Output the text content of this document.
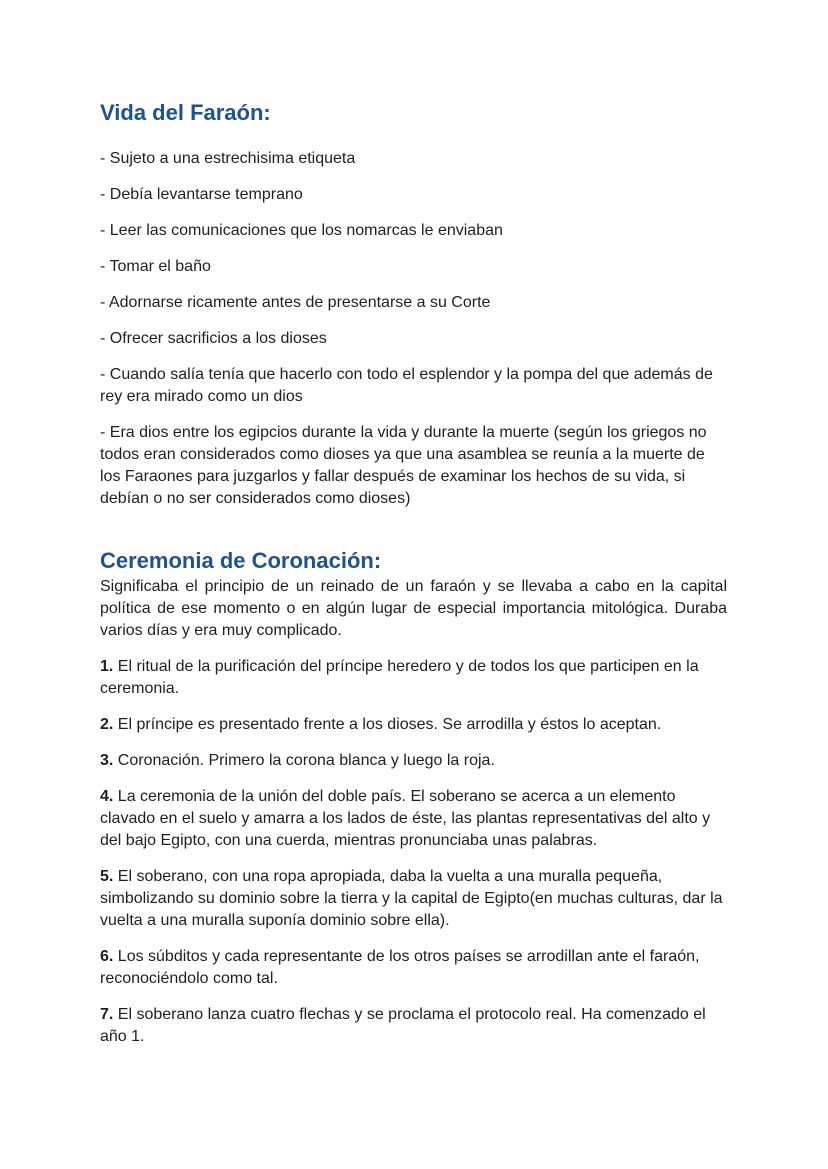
Vida del Faraón:

- Sujeto a una estrechisima etiqueta

- Debía levantarse temprano

- Leer las comunicaciones que los nomarcas le enviaban

- Tomar el baño

- Adornarse ricamente antes de presentarse a su Corte

- Ofrecer sacrificios a los dioses

- Cuando salía tenía que hacerlo con todo el esplendor y la pompa del que además de rey era mirado como un dios

- Era dios entre los egipcios durante la vida y durante la muerte (según los griegos no todos eran considerados como dioses ya que una asamblea se reunía a la muerte de los Faraones para juzgarlos y fallar después de examinar los hechos de su vida, si debían o no ser considerados como dioses)

Ceremonia de Coronación:

Significaba el principio de un reinado de un faraón y se llevaba a cabo en la capital política de ese momento o en algún lugar de especial importancia mitológica. Duraba varios días y era muy complicado.

1. El ritual de la purificación del príncipe heredero y de todos los que participen en la ceremonia.

2. El príncipe es presentado frente a los dioses. Se arrodilla y éstos lo aceptan.

3. Coronación. Primero la corona blanca y luego la roja.

4. La ceremonia de la unión del doble país. El soberano se acerca a un elemento clavado en el suelo y amarra a los lados de éste, las plantas representativas del alto y del bajo Egipto, con una cuerda, mientras pronunciaba unas palabras.

5. El soberano, con una ropa apropiada, daba la vuelta a una muralla pequeña, simbolizando su dominio sobre la tierra y la capital de Egipto(en muchas culturas, dar la vuelta a una muralla suponía dominio sobre ella).

6. Los súbditos y cada representante de los otros países se arrodillan ante el faraón, reconociéndolo como tal.

7. El soberano lanza cuatro flechas y se proclama el protocolo real. Ha comenzado el año 1.
